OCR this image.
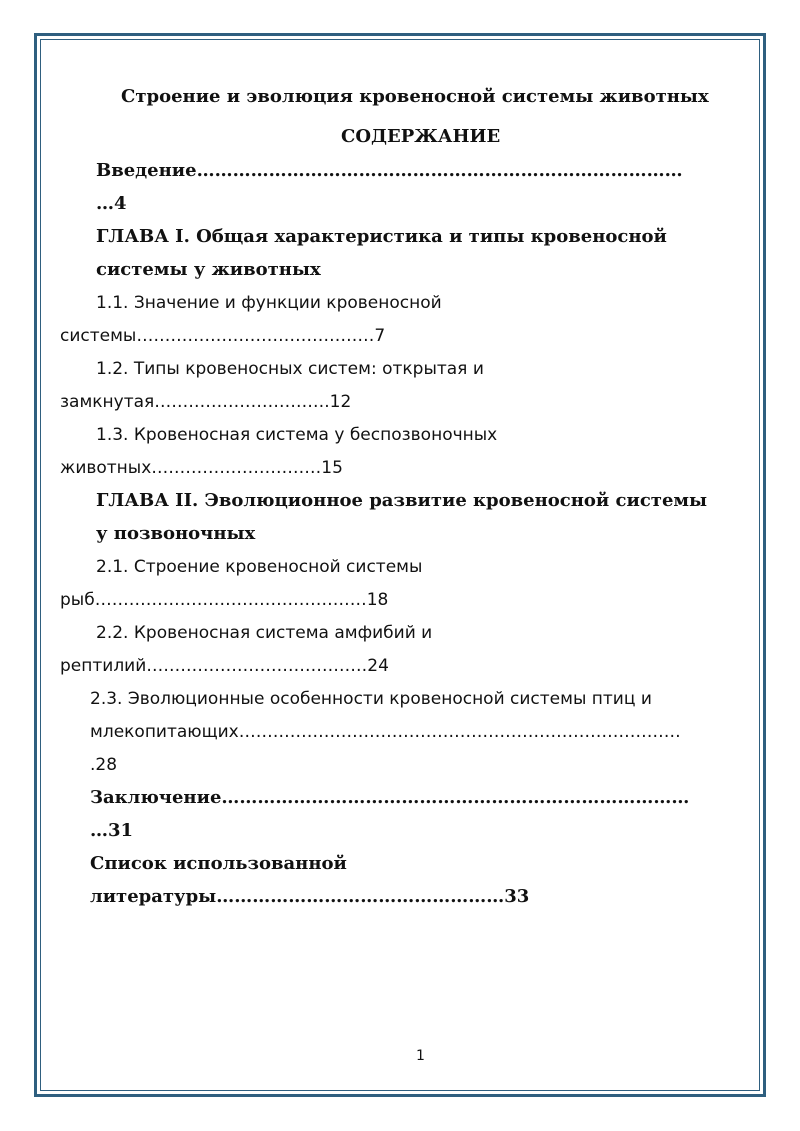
Строение и эволюция кровеносной системы животных
СОДЕРЖАНИЕ
Введение………………………………………………………………………
…4
ГЛАВА I. Общая характеристика и типы кровеносной
системы у животных
1.1. Значение и функции кровеносной
системы……………………………………7
1.2. Типы кровеносных систем: открытая и
замкнутая………………………….12
1.3. Кровеносная система у беспозвоночных
животных…………………………15
ГЛАВА II. Эволюционное развитие кровеносной системы
у позвоночных
2.1. Строение кровеносной системы
рыб…………………………………………18
2.2. Кровеносная система амфибий и
рептилий…………………………………24
2.3. Эволюционные особенности кровеносной системы птиц и
млекопитающих……………………………………………………………………
.28
Заключение……………………………………………………………………
…31
Список использованной
литературы…………………………………………33
1
